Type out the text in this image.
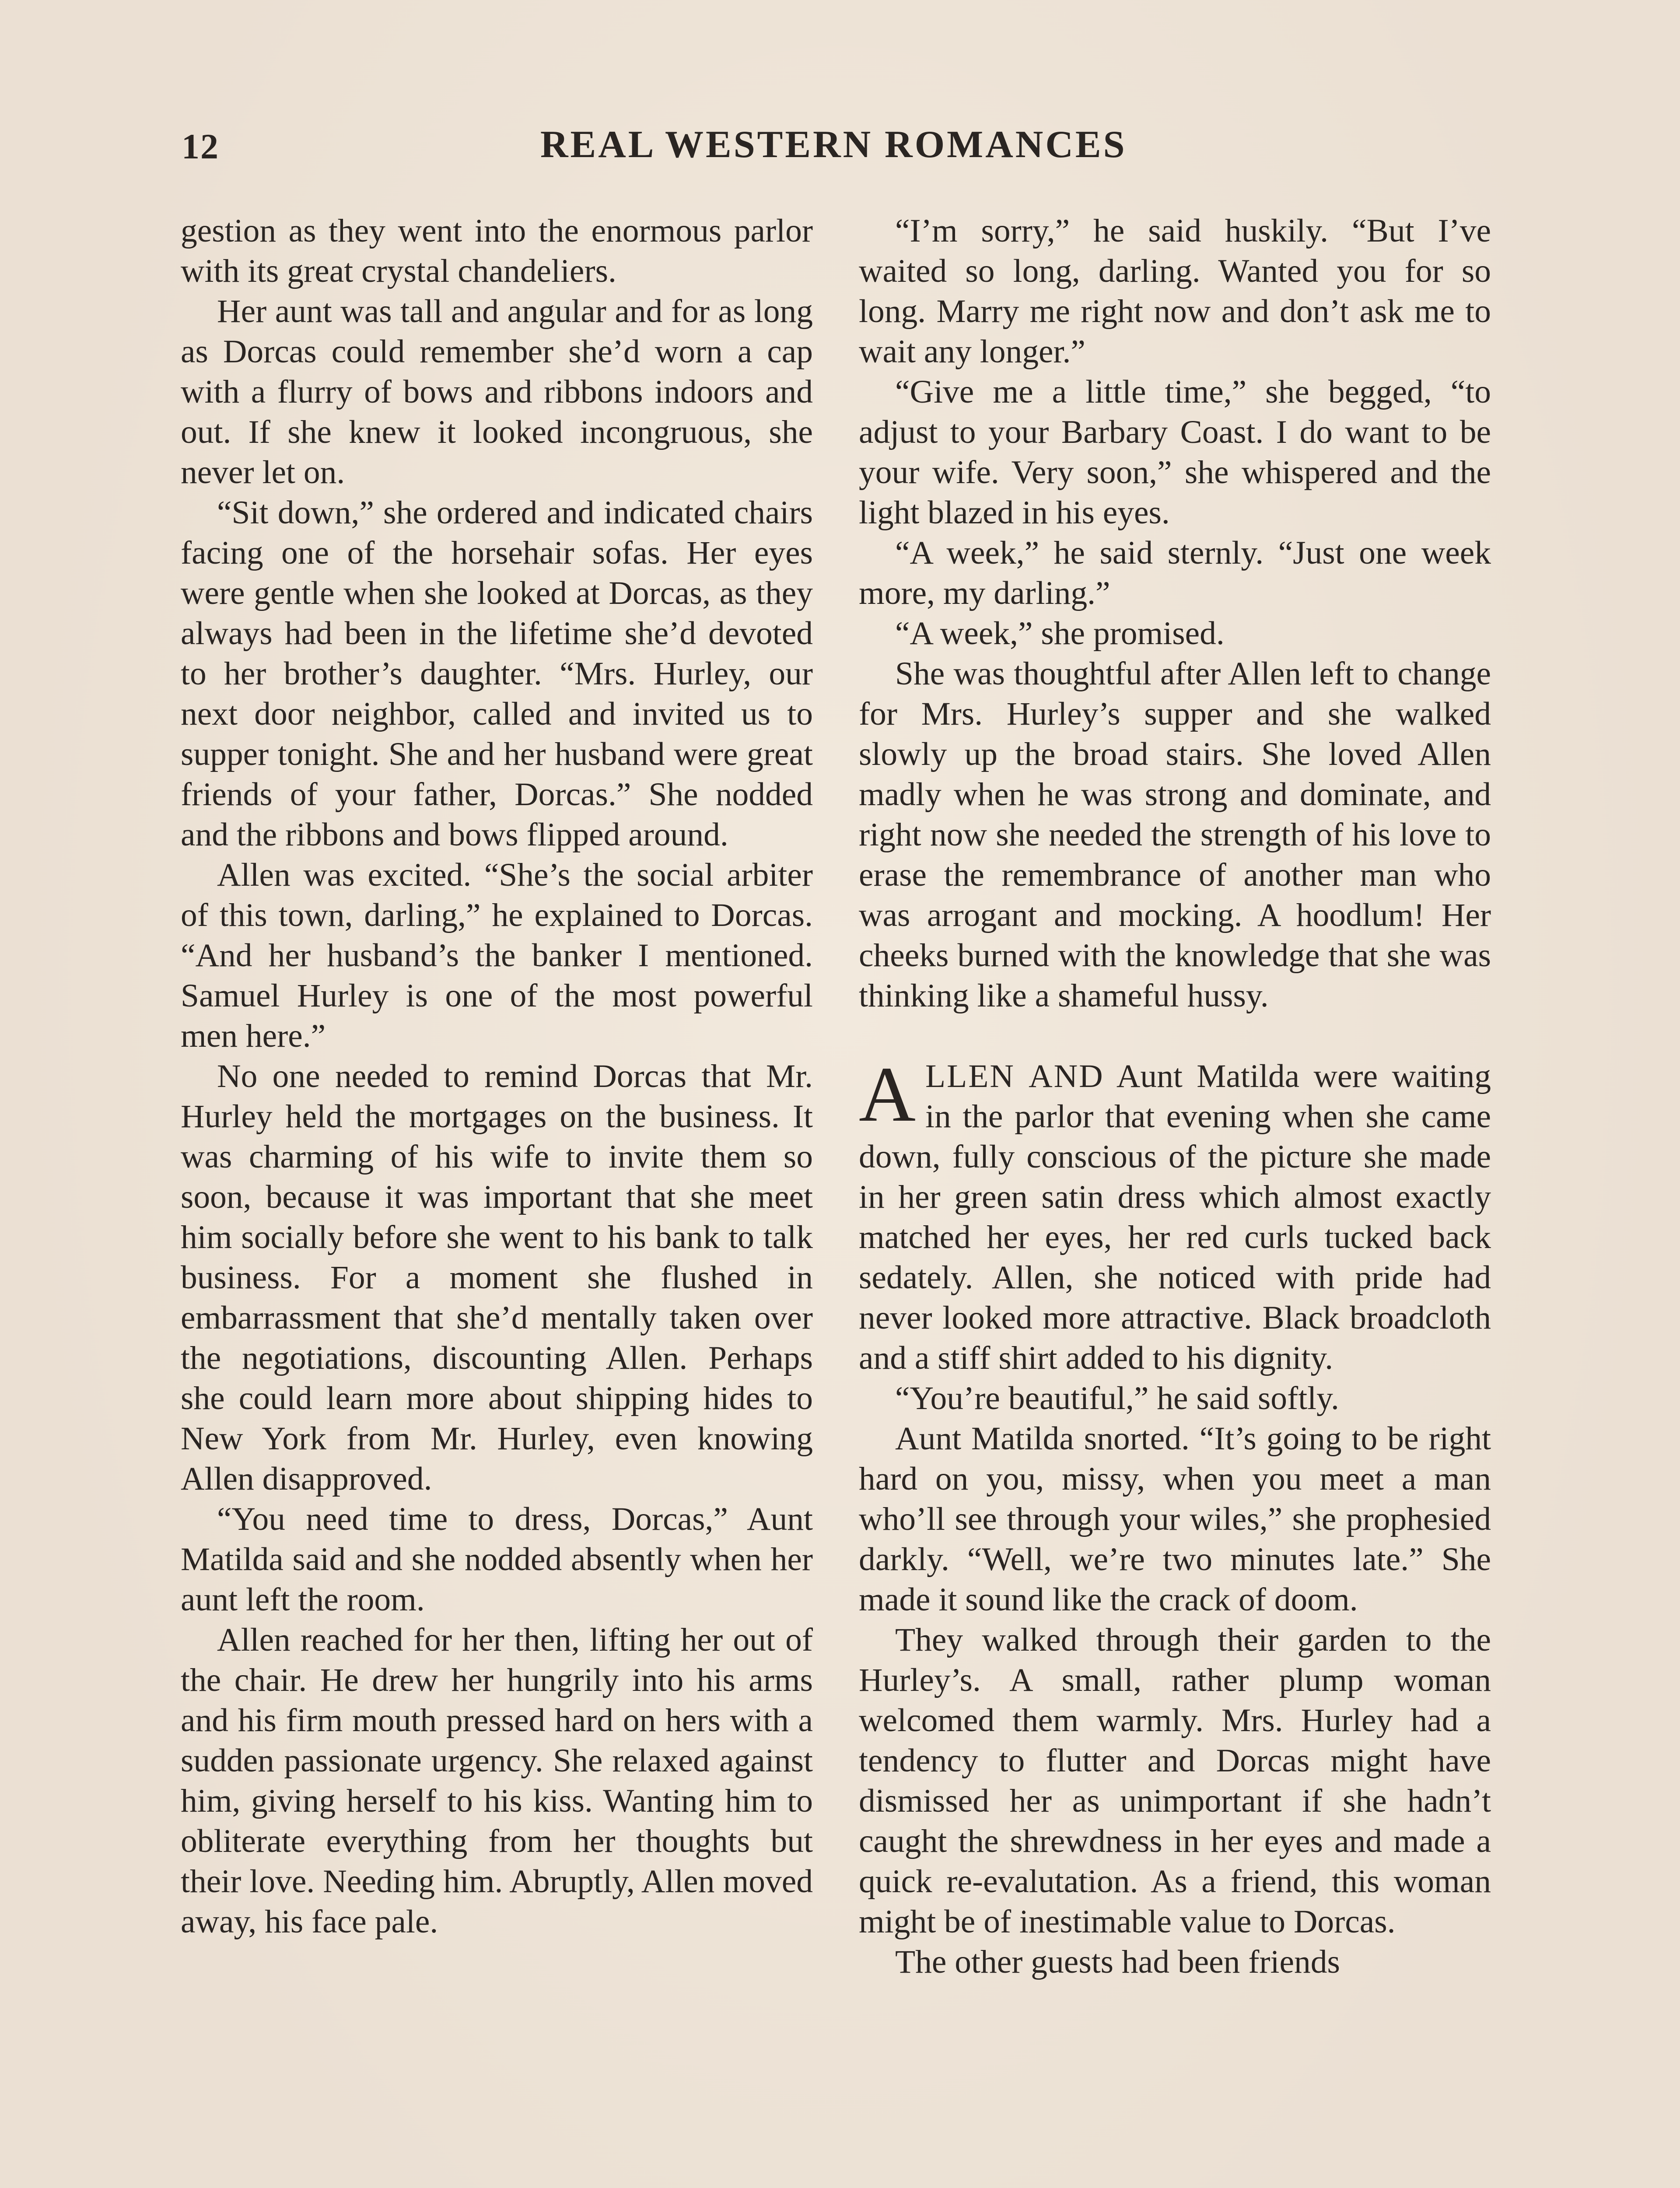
12	REAL WESTERN ROMANCES

gestion as they went into the enormous parlor with its great crystal chandeliers.

Her aunt was tall and angular and for as long as Dorcas could remember she’d worn a cap with a flurry of bows and ribbons indoors and out. If she knew it looked incongruous, she never let on.

“Sit down,” she ordered and indicated chairs facing one of the horsehair sofas. Her eyes were gentle when she looked at Dorcas, as they always had been in the lifetime she’d devoted to her brother’s daughter. “Mrs. Hurley, our next door neighbor, called and invited us to supper tonight. She and her husband were great friends of your father, Dorcas.” She nodded and the ribbons and bows flipped around.

Allen was excited. “She’s the social arbiter of this town, darling,” he explained to Dorcas. “And her husband’s the banker I mentioned. Samuel Hurley is one of the most powerful men here.”

No one needed to remind Dorcas that Mr. Hurley held the mortgages on the business. It was charming of his wife to invite them so soon, because it was important that she meet him socially before she went to his bank to talk business. For a moment she flushed in embarrassment that she’d mentally taken over the negotiations, discounting Allen. Perhaps she could learn more about shipping hides to New York from Mr. Hurley, even knowing Allen disapproved.

“You need time to dress, Dorcas,” Aunt Matilda said and she nodded absently when her aunt left the room.

Allen reached for her then, lifting her out of the chair. He drew her hungrily into his arms and his firm mouth pressed hard on hers with a sudden passionate urgency. She relaxed against him, giving herself to his kiss. Wanting him to obliterate everything from her thoughts but their love. Needing him. Abruptly, Allen moved away, his face pale.

“I’m sorry,” he said huskily. “But I’ve waited so long, darling. Wanted you for so long. Marry me right now and don’t ask me to wait any longer.”

“Give me a little time,” she begged, “to adjust to your Barbary Coast. I do want to be your wife. Very soon,” she whispered and the light blazed in his eyes.

“A week,” he said sternly. “Just one week more, my darling.”

“A week,” she promised.

She was thoughtful after Allen left to change for Mrs. Hurley’s supper and she walked slowly up the broad stairs. She loved Allen madly when he was strong and dominate, and right now she needed the strength of his love to erase the remembrance of another man who was arrogant and mocking. A hoodlum! Her cheeks burned with the knowledge that she was thinking like a shameful hussy.

ALLEN AND Aunt Matilda were waiting in the parlor that evening when she came down, fully conscious of the picture she made in her green satin dress which almost exactly matched her eyes, her red curls tucked back sedately. Allen, she noticed with pride had never looked more attractive. Black broadcloth and a stiff shirt added to his dignity.

“You’re beautiful,” he said softly.

Aunt Matilda snorted. “It’s going to be right hard on you, missy, when you meet a man who’ll see through your wiles,” she prophesied darkly. “Well, we’re two minutes late.” She made it sound like the crack of doom.

They walked through their garden to the Hurley’s. A small, rather plump woman welcomed them warmly. Mrs. Hurley had a tendency to flutter and Dorcas might have dismissed her as unimportant if she hadn’t caught the shrewdness in her eyes and made a quick re-evalutation. As a friend, this woman might be of inestimable value to Dorcas.

The other guests had been friends
